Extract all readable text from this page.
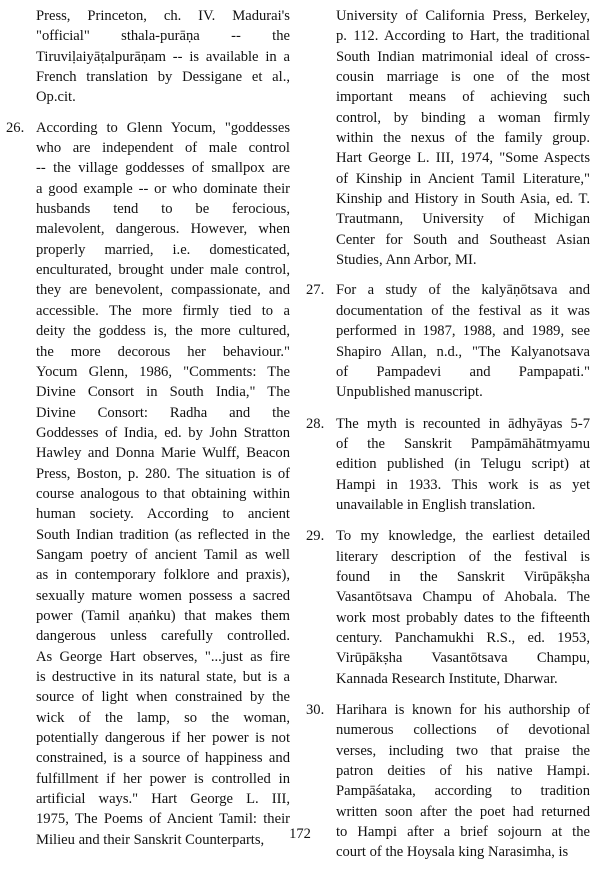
Press, Princeton, ch. IV. Madurai's
"official" sthala-purāṇa -- the
Tiruviḷaiyāṭalpurāṇam -- is available in a
French translation by Dessigane et al.,
Op.cit.
26. According to Glenn Yocum, "goddesses
who are independent of male control
-- the village goddesses of smallpox are
a good example -- or who dominate their
husbands tend to be ferocious,
malevolent, dangerous. However, when
properly married, i.e. domesticated,
enculturated, brought under male control,
they are benevolent, compassionate, and
accessible. The more firmly tied to a
deity the goddess is, the more cultured,
the more decorous her behaviour."
Yocum Glenn, 1986, "Comments: The
Divine Consort in South India," The
Divine Consort: Radha and the
Goddesses of India, ed. by John Stratton
Hawley and Donna Marie Wulff, Beacon
Press, Boston, p. 280. The situation is of
course analogous to that obtaining within
human society. According to ancient
South Indian tradition (as reflected in the
Sangam poetry of ancient Tamil as well
as in contemporary folklore and praxis),
sexually mature women possess a sacred
power (Tamil aṇaṅku) that makes them
dangerous unless carefully controlled.
As George Hart observes, "...just as fire
is destructive in its natural state, but is a
source of light when constrained by the
wick of the lamp, so the woman,
potentially dangerous if her power is not
constrained, is a source of happiness and
fulfillment if her power is controlled in
artificial ways." Hart George L. III,
1975, The Poems of Ancient Tamil: their
Milieu and their Sanskrit Counterparts,
University of California Press, Berkeley,
p. 112. According to Hart, the traditional
South Indian matrimonial ideal of cross-
cousin marriage is one of the most
important means of achieving such
control, by binding a woman firmly
within the nexus of the family group.
Hart George L. III, 1974, "Some Aspects
of Kinship in Ancient Tamil Literature,"
Kinship and History in South Asia, ed. T.
Trautmann, University of Michigan
Center for South and Southeast Asian
Studies, Ann Arbor, MI.
27. For a study of the kalyāṇōtsava and
documentation of the festival as it was
performed in 1987, 1988, and 1989, see
Shapiro Allan, n.d., "The Kalyanotsava
of Pampadevi and Pampapati."
Unpublished manuscript.
28. The myth is recounted in ādhyāyas 5-7
of the Sanskrit Pampāmāhātmyamu
edition published (in Telugu script) at
Hampi in 1933. This work is as yet
unavailable in English translation.
29. To my knowledge, the earliest detailed
literary description of the festival is
found in the Sanskrit Virūpākṣha
Vasantōtsava Champu of Ahobala. The
work most probably dates to the fifteenth
century. Panchamukhi R.S., ed. 1953,
Virūpākṣha Vasantōtsava Champu,
Kannada Research Institute, Dharwar.
30. Harihara is known for his authorship of
numerous collections of devotional
verses, including two that praise the
patron deities of his native Hampi.
Pampāśataka, according to tradition
written soon after the poet had returned
to Hampi after a brief sojourn at the
court of the Hoysala king Narasimha, is
172
